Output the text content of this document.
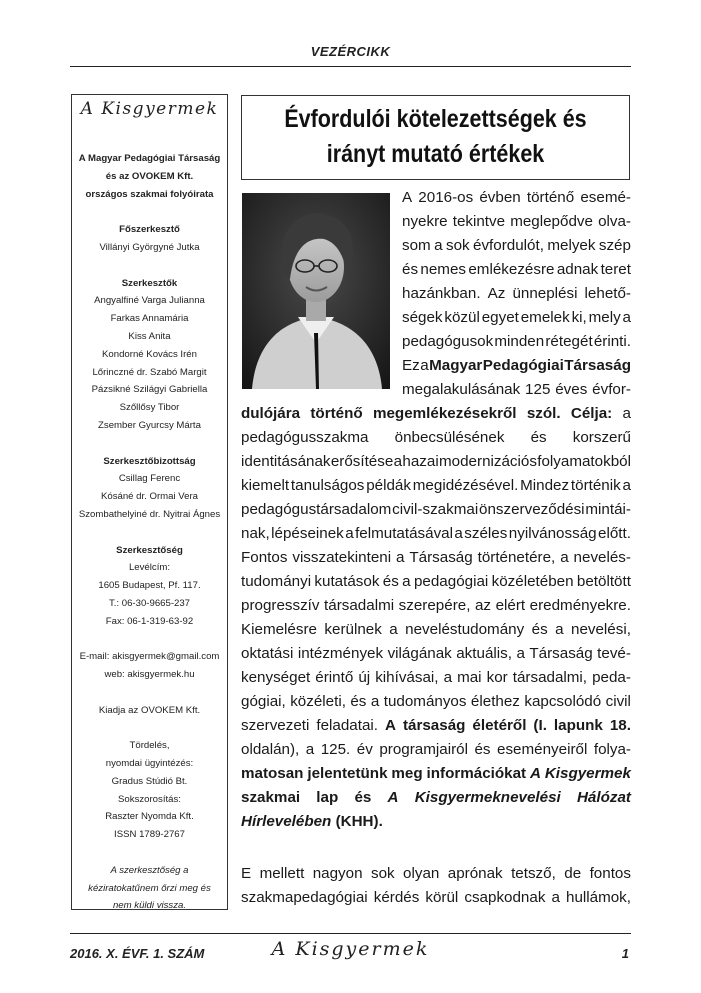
VEZÉRCIKK
A Kisgyermek
A Magyar Pedagógiai Társaság
és az OVOKEM Kft.
országos szakmai folyóirata
Főszerkesztő
Villányi Györgyné Jutka
Szerkesztők
Angyalfiné Varga Julianna
Farkas Annamária
Kiss Anita
Kondorné Kovács Irén
Lőrinczné dr. Szabó Margit
Pázsikné Szilágyi Gabriella
Szőllősy Tibor
Zsember Gyurcsy Márta
Szerkesztőbizottság
Csillag Ferenc
Kósáné dr. Ormai Vera
Szombathelyiné dr. Nyitrai Ágnes
Szerkesztőség
Levélcím:
1605 Budapest, Pf. 117.
T.: 06-30-9665-237
Fax: 06-1-319-63-92
E-mail: akisgyermek@gmail.com
web: akisgyermek.hu
Kiadja az OVOKEM Kft.
Tördelés,
nyomdai ügyintézés:
Gradus Stúdió Bt.
Sokszorosítás:
Raszter Nyomda Kft.
ISSN 1789-2767
A szerkesztőség a
kéziratokatűnem őrzi meg és
nem küldi vissza.
Évfordulói kötelezettségek és
irányt mutató értékek
A 2016-os évben történő esemé-
nyekre tekintve meglepődve olva-
som a sok évfordulót, melyek szép
és nemes emlékezésre adnak teret
hazánkban. Az ünneplési lehető-
ségek közül egyet emelek ki, mely a
pedagógusok minden rétegét érinti.
Ez a Magyar Pedagógiai Társaság
megalakulásának 125 éves évfor-
dulójára történő megemlékezésekről szól. Célja: a
pedagógusszakma önbecsülésének és korszerű
identitásának erősítése a hazai modernizációs folyamatokból
kiemelt tanulságos példák megidézésével. Mindez történik a
pedagógustársadalom civil-szakmai önszerveződési mintái-
nak, lépéseinek a felmutatásával a széles nyilvánosság előtt.
Fontos visszatekinteni a Társaság történetére, a nevelés-
tudományi kutatások és a pedagógiai közéletében betöltött
progresszív társadalmi szerepére, az elért eredményekre.
Kiemelésre kerülnek a neveléstudomány és a nevelési,
oktatási intézmények világának aktuális, a Társaság tevé-
kenységet érintő új kihívásai, a mai kor társadalmi, peda-
gógiai, közéleti, és a tudományos élethez kapcsolódó civil
szervezeti feladatai. A társaság életéről (I. lapunk 18.
oldalán), a 125. év programjairól és eseményeiről folya-
matosan jelentetünk meg információkat A Kisgyermek
szakmai lap és A Kisgyermeknevelési Hálózat
Hírlevelében
(KHH).
E mellett nagyon sok olyan aprónak tetsző, de fontos
szakmapedagógiai kérdés körül csapkodnak a hullámok,
2016. X. ÉVF. 1. SZÁM	A Kisgyermek	1
